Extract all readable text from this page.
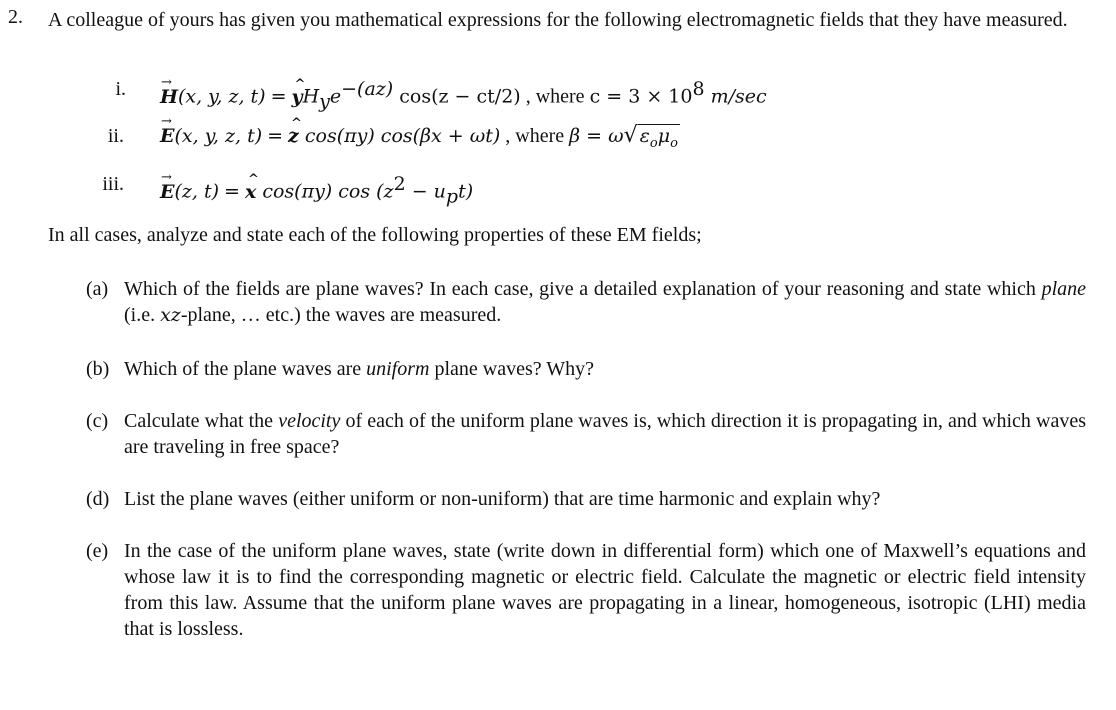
2. A colleague of yours has given you mathematical expressions for the following electromagnetic fields that they have measured.
i. → H(x, y, z, t) = ^ $yH_ye^{-(az)}$ cos(z − ct/2) , where $c = 3 \times 10^8$ m/sec
ii. → E(x, y, z, t) = ^ z cos(πy) cos(βx + ωt) , where β = ω√ $\varepsilon_o\mu_o$
iii. → E(z, t) = ^ x cos(πy) $\cos (z^2 - u_pt)$
In all cases, analyze and state each of the following properties of these EM fields;
(a) Which of the fields are plane waves? In each case, give a detailed explanation of your reasoning and state which plane (i.e. xz-plane, … etc.) the waves are measured.
(b) Which of the plane waves are uniform plane waves? Why?
(c) Calculate what the velocity of each of the uniform plane waves is, which direction it is propagating in, and which waves are traveling in free space?
(d) List the plane waves (either uniform or non-uniform) that are time harmonic and explain why?
(e) In the case of the uniform plane waves, state (write down in differential form) which one of Maxwell’s equations and whose law it is to find the corresponding magnetic or electric field. Calculate the magnetic or electric field intensity from this law. Assume that the uniform plane waves are propagating in a linear, homogeneous, isotropic (LHI) media that is lossless.
